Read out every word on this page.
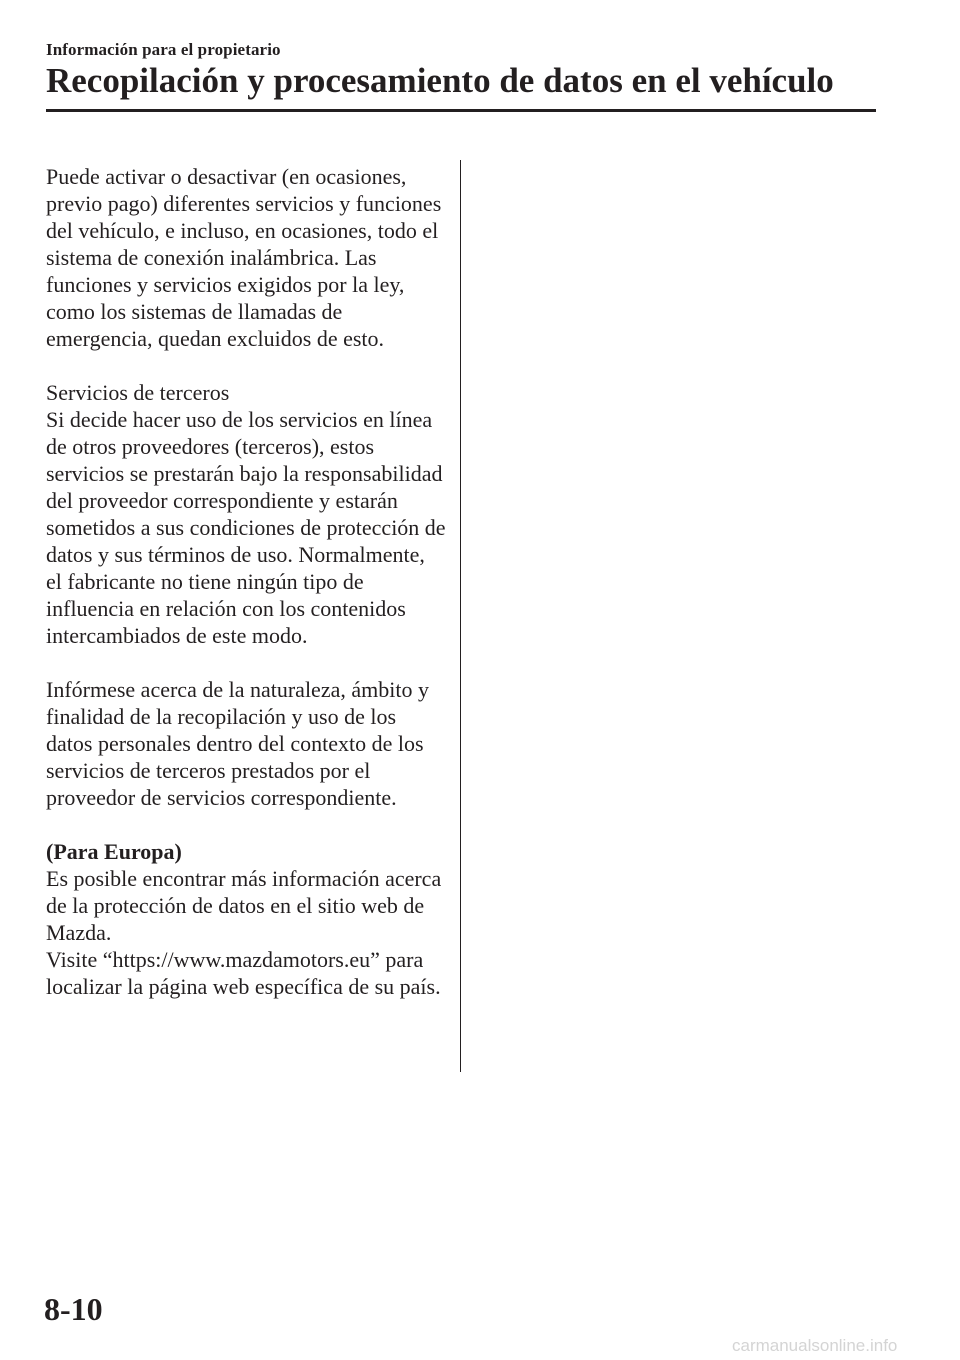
Información para el propietario
Recopilación y procesamiento de datos en el vehículo

Puede activar o desactivar (en ocasiones, previo pago) diferentes servicios y funciones del vehículo, e incluso, en ocasiones, todo el sistema de conexión inalámbrica. Las funciones y servicios exigidos por la ley, como los sistemas de llamadas de emergencia, quedan excluidos de esto.

Servicios de terceros

Si decide hacer uso de los servicios en línea de otros proveedores (terceros), estos servicios se prestarán bajo la responsabilidad del proveedor correspondiente y estarán sometidos a sus condiciones de protección de datos y sus términos de uso. Normalmente, el fabricante no tiene ningún tipo de influencia en relación con los contenidos intercambiados de este modo.

Infórmese acerca de la naturaleza, ámbito y finalidad de la recopilación y uso de los datos personales dentro del contexto de los servicios de terceros prestados por el proveedor de servicios correspondiente.

(Para Europa)

Es posible encontrar más información acerca de la protección de datos en el sitio web de Mazda.

Visite “https://www.mazdamotors.eu” para localizar la página web específica de su país.

8-10
carmanualsonline.info
